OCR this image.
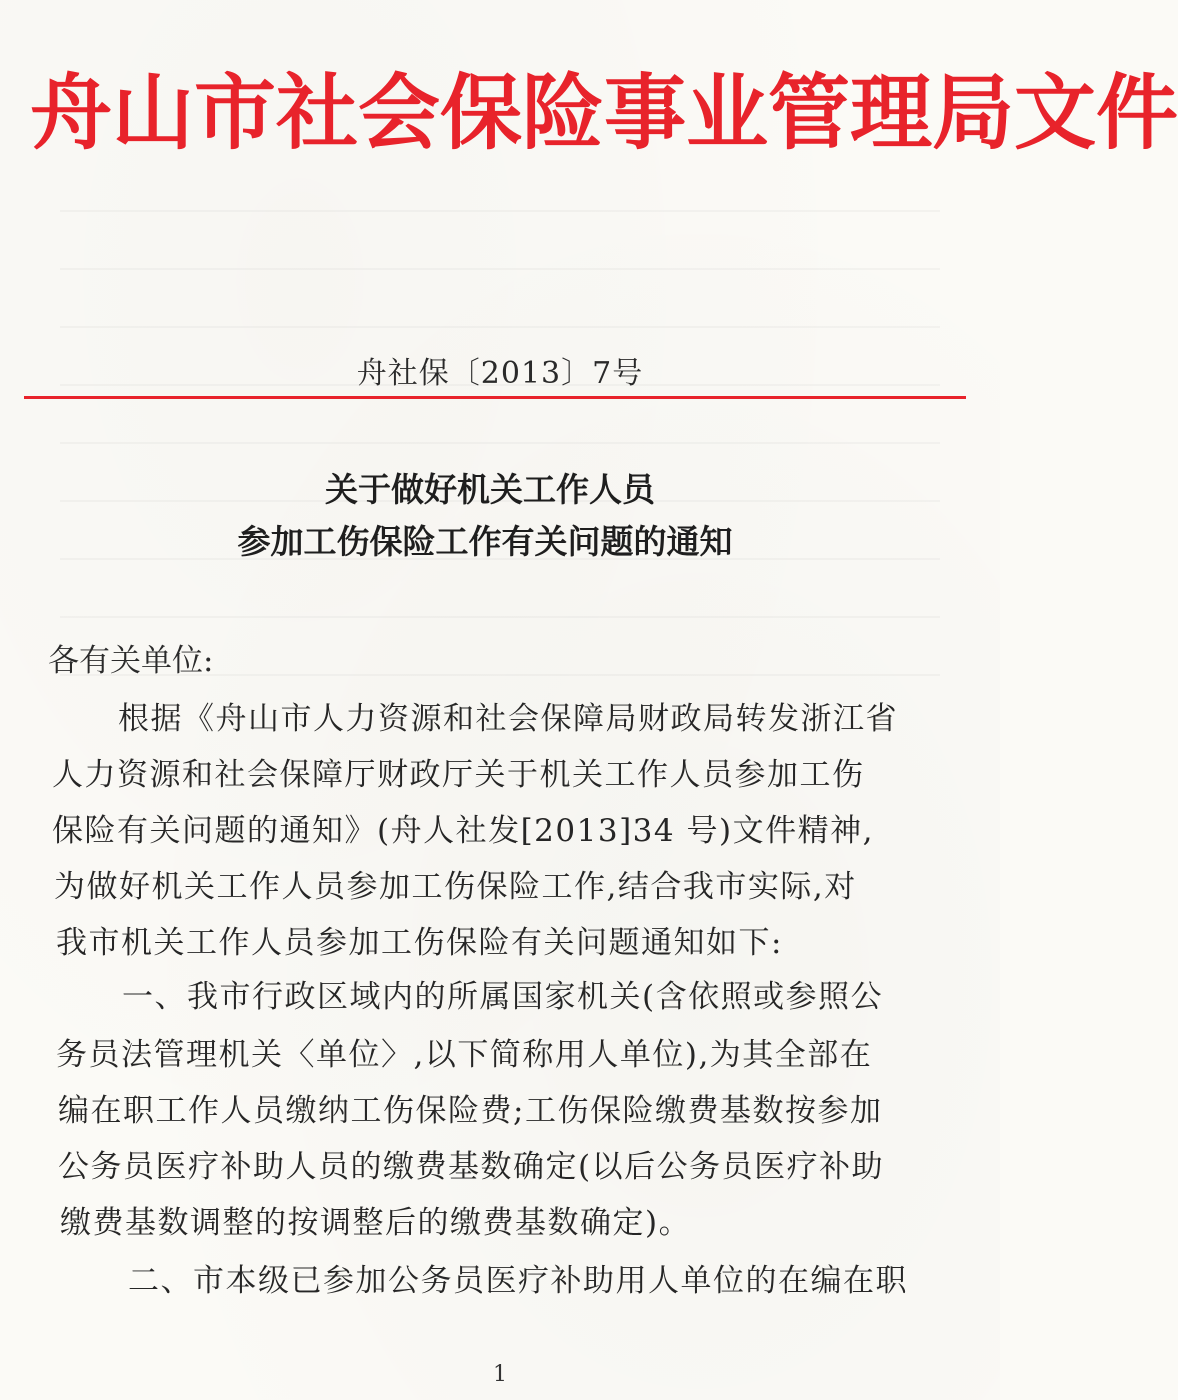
舟山市社会保险事业管理局文件
舟社保〔2013〕7号
关于做好机关工作人员
参加工伤保险工作有关问题的通知
各有关单位:
根据《舟山市人力资源和社会保障局财政局转发浙江省
人力资源和社会保障厅财政厅关于机关工作人员参加工伤
保险有关问题的通知》(舟人社发[2013]34 号)文件精神,
为做好机关工作人员参加工伤保险工作,结合我市实际,对
我市机关工作人员参加工伤保险有关问题通知如下:
一、我市行政区域内的所属国家机关(含依照或参照公
务员法管理机关〈单位〉,以下简称用人单位),为其全部在
编在职工作人员缴纳工伤保险费;工伤保险缴费基数按参加
公务员医疗补助人员的缴费基数确定(以后公务员医疗补助
缴费基数调整的按调整后的缴费基数确定)。
二、市本级已参加公务员医疗补助用人单位的在编在职
1
